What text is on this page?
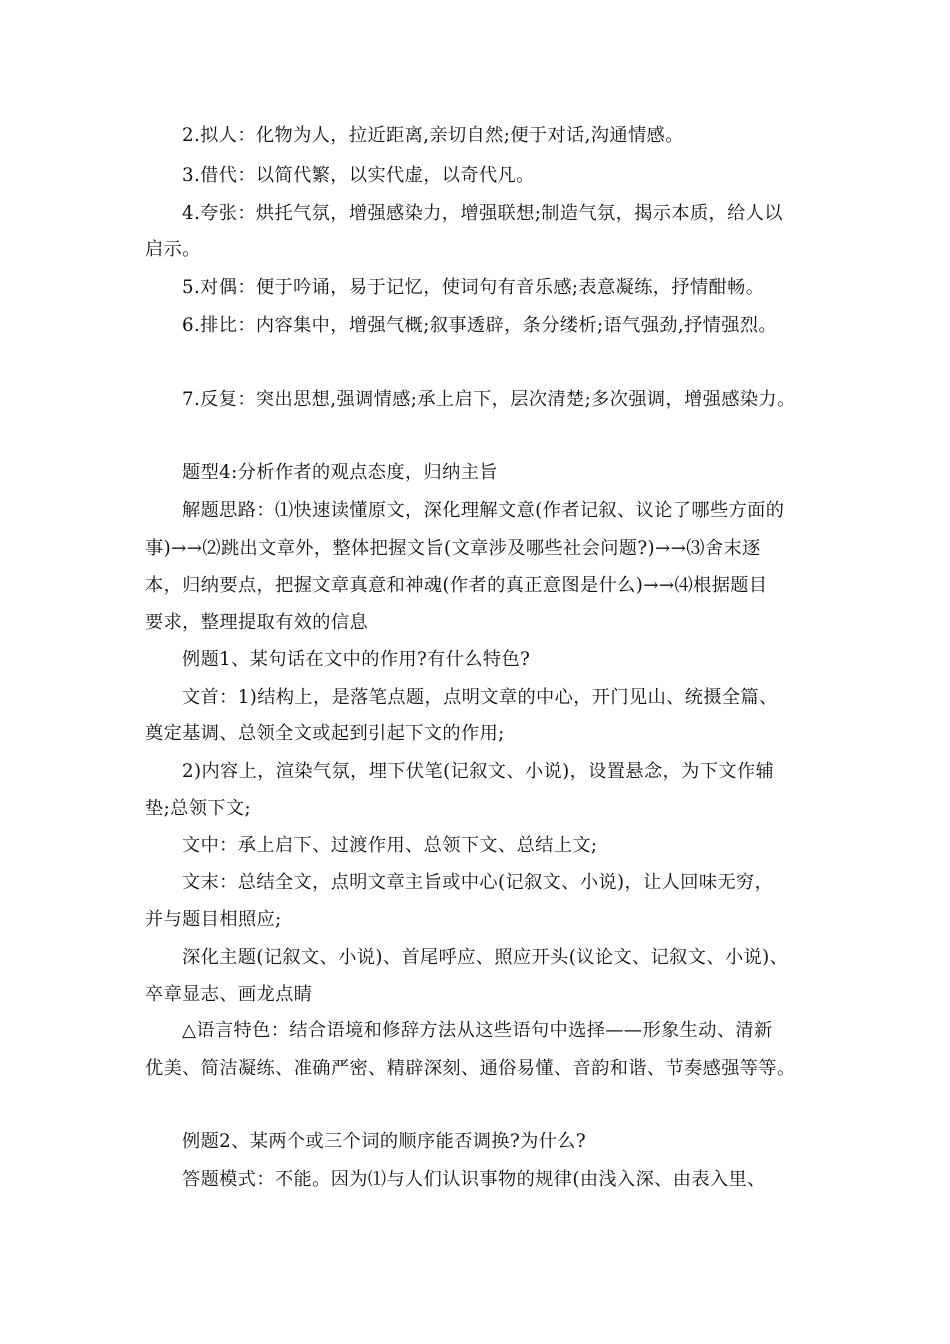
2.拟人：化物为人，拉近距离,亲切自然;便于对话,沟通情感。

3.借代：以简代繁，以实代虚，以奇代凡。

4.夸张：烘托气氛，增强感染力，增强联想;制造气氛，揭示本质，给人以

启示。

5.对偶：便于吟诵，易于记忆，使词句有音乐感;表意凝练，抒情酣畅。

6.排比：内容集中，增强气概;叙事透辟，条分缕析;语气强劲,抒情强烈。

7.反复：突出思想,强调情感;承上启下，层次清楚;多次强调，增强感染力。

题型4:分析作者的观点态度，归纳主旨

解题思路：⑴快速读懂原文，深化理解文意(作者记叙、议论了哪些方面的

事)→→⑵跳出文章外，整体把握文旨(文章涉及哪些社会问题?)→→⑶舍末逐

本，归纳要点，把握文章真意和神魂(作者的真正意图是什么)→→⑷根据题目

要求，整理提取有效的信息

例题1、某句话在文中的作用?有什么特色?

文首：1)结构上，是落笔点题，点明文章的中心，开门见山、统摄全篇、

奠定基调、总领全文或起到引起下文的作用;

2)内容上，渲染气氛，埋下伏笔(记叙文、小说)，设置悬念，为下文作辅

垫;总领下文;

文中：承上启下、过渡作用、总领下文、总结上文;

文末：总结全文，点明文章主旨或中心(记叙文、小说)，让人回味无穷，

并与题目相照应;

深化主题(记叙文、小说)、首尾呼应、照应开头(议论文、记叙文、小说)、

卒章显志、画龙点睛

△语言特色：结合语境和修辞方法从这些语句中选择——形象生动、清新

优美、简洁凝练、准确严密、精辟深刻、通俗易懂、音韵和谐、节奏感强等等。

例题2、某两个或三个词的顺序能否调换?为什么?

答题模式：不能。因为⑴与人们认识事物的规律(由浅入深、由表入里、
